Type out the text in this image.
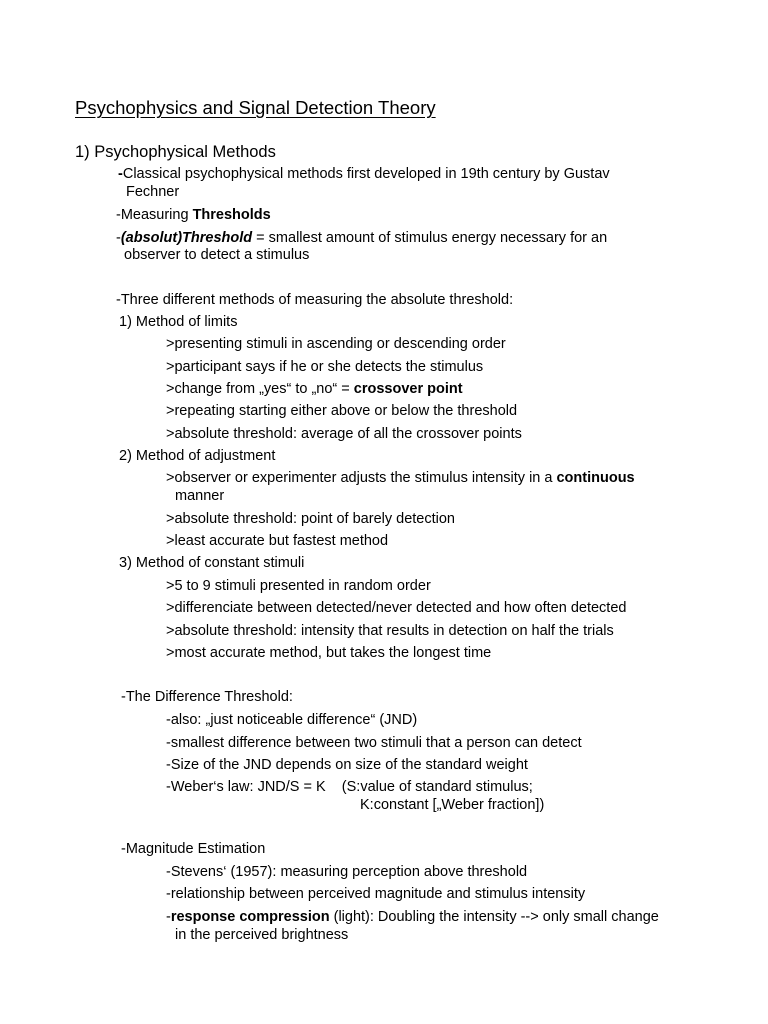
Psychophysics and Signal Detection Theory
1) Psychophysical Methods
-Classical psychophysical methods first developed in 19th century by Gustav
Fechner
-Measuring Thresholds
-(absolut)Threshold = smallest amount of stimulus energy necessary for an
observer to detect a stimulus
-Three different methods of measuring the absolute threshold:
1) Method of limits
>presenting stimuli in ascending or descending order
>participant says if he or she detects the stimulus
>change from „yes“ to „no“ = crossover point
>repeating starting either above or below the threshold
>absolute threshold: average of all the crossover points
2) Method of adjustment
>observer or experimenter adjusts the stimulus intensity in a continuous
manner
>absolute threshold: point of barely detection
>least accurate but fastest method
3) Method of constant stimuli
>5 to 9 stimuli presented in random order
>differenciate between detected/never detected and how often detected
>absolute threshold: intensity that results in detection on half the trials
>most accurate method, but takes the longest time
-The Difference Threshold:
-also: „just noticeable difference“ (JND)
-smallest difference between two stimuli that a person can detect
-Size of the JND depends on size of the standard weight
-Weber‘s law: JND/S = K    (S:value of standard stimulus;
K:constant [„Weber fraction])
-Magnitude Estimation
-Stevens‘ (1957): measuring perception above threshold
-relationship between perceived magnitude and stimulus intensity
-response compression (light): Doubling the intensity --> only small change
in the perceived brightness
